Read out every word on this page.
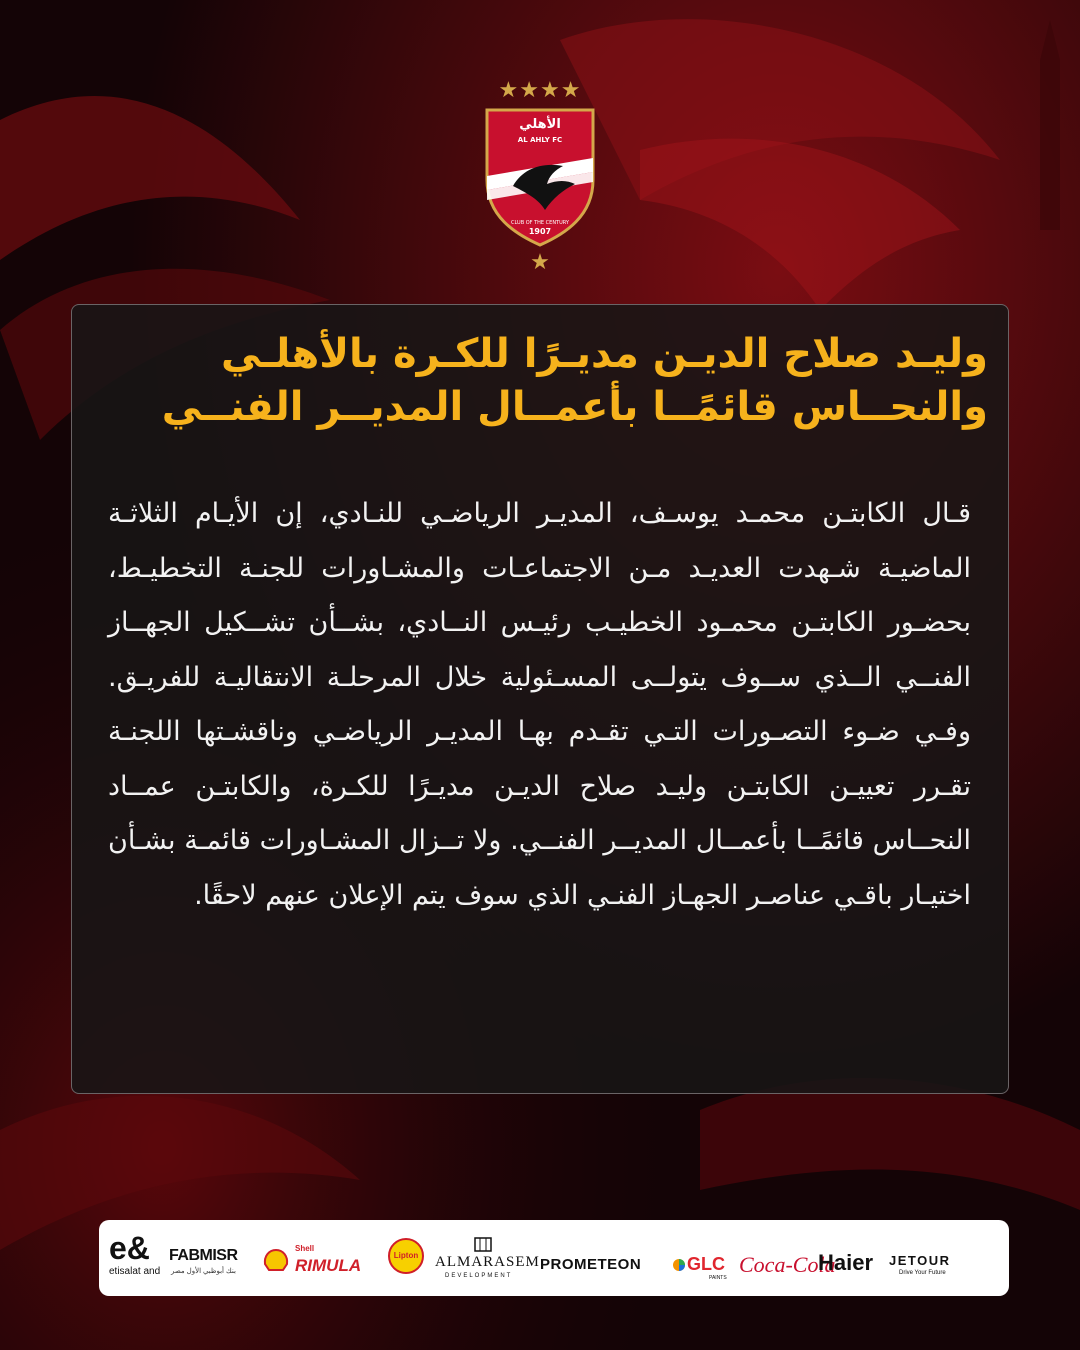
★★★★
الأهلي
AL AHLY FC
CLUB OF THE CENTURY
1907
★
وليـد صلاح الديـن مديـرًا للكـرة بالأهلـي
والنحــاس قائمًــا بأعمــال المديــر الفنــي
قـال الكابتـن محمـد يوسـف، المديـر الرياضـي للنـادي، إن الأيـام الثلاثـة الماضيـة شـهدت العديـد مـن الاجتماعـات والمشـاورات للجنـة التخطيـط، بحضـور الكابتـن محمـود الخطيـب رئيـس النــادي، بشــأن تشــكيل الجهــاز الفنــي الــذي ســوف يتولــى المسـئولية خلال المرحلـة الانتقاليـة للفريـق. وفـي ضـوء التصـورات التـي تقـدم بهـا المديـر الرياضـي وناقشـتها اللجنـة تقـرر تعييـن الكابتـن وليـد صلاح الديـن مديـرًا للكـرة، والكابتـن عمــاد النحــاس قائمًــا بأعمــال المديــر الفنــي. ولا تــزال المشـاورات قائمـة بشـأن اختيـار باقـي عناصـر الجهـاز الفنـي الذي سوف يتم الإعلان عنهم لاحقًا.
e&
etisalat and
FABMISR
بنك أبوظبي الأول مصر
Shell
RIMULA
Lipton	ALMARASEM
DEVELOPMENT
PROMETEON	GLC
PAINTS
Coca-Cola
Haier JETOUR
Drive Your Future
